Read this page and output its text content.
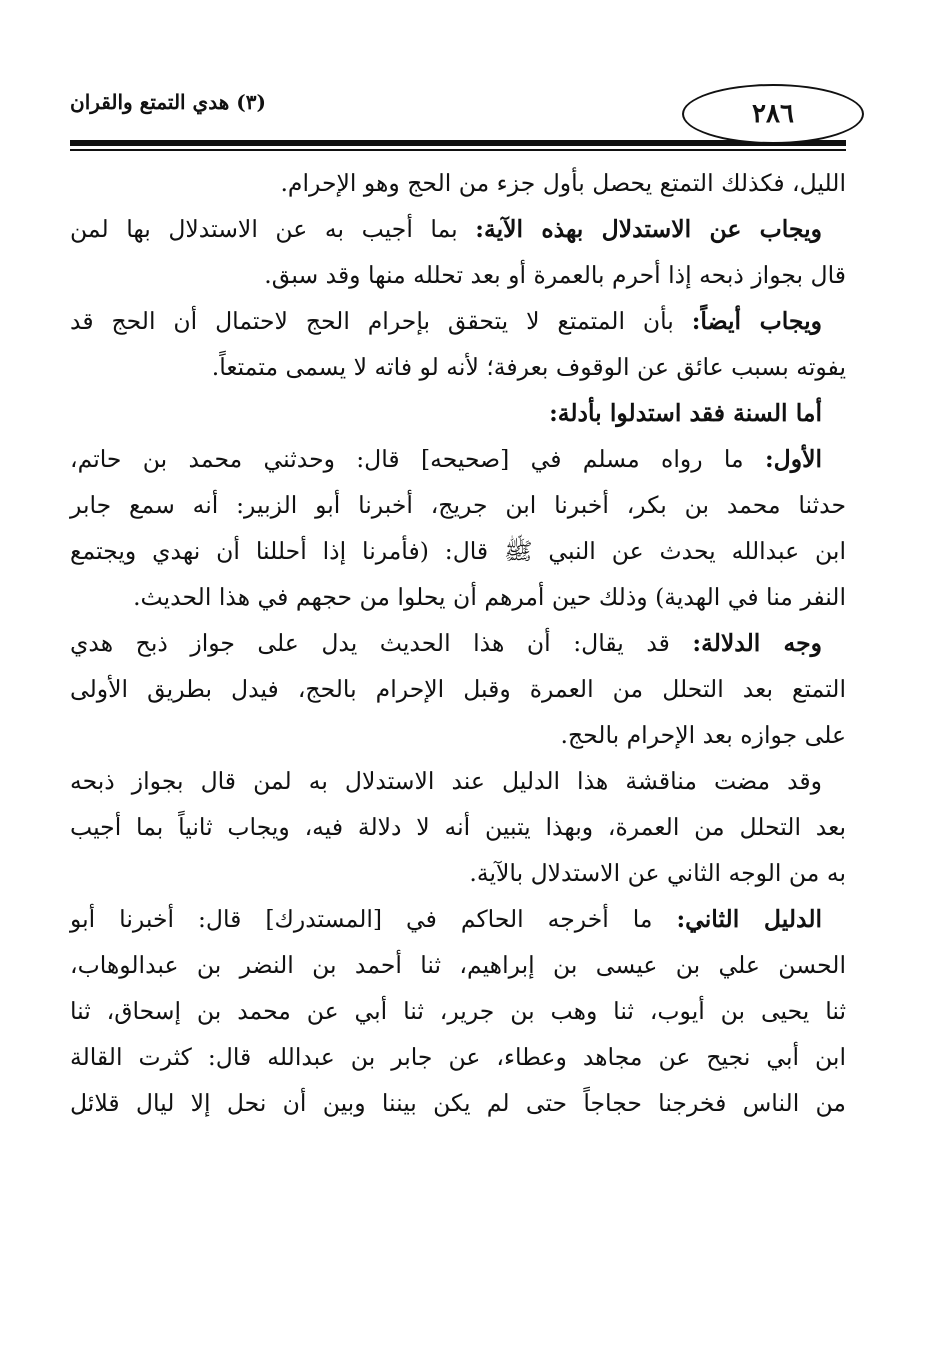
٢٨٦
(٣) هدي التمتع والقران
الليل، فكذلك التمتع يحصل بأول جزء من الحج وهو الإحرام.
ويجاب عن الاستدلال بهذه الآية: بما أجيب به عن الاستدلال بها لمن
قال بجواز ذبحه إذا أحرم بالعمرة أو بعد تحلله منها وقد سبق.
ويجاب أيضاً: بأن المتمتع لا يتحقق بإحرام الحج لاحتمال أن الحج قد
يفوته بسبب عائق عن الوقوف بعرفة؛ لأنه لو فاته لا يسمى متمتعاً.
أما السنة فقد استدلوا بأدلة:
الأول: ما رواه مسلم في [صحيحه] قال: وحدثني محمد بن حاتم،
حدثنا محمد بن بكر، أخبرنا ابن جريج، أخبرنا أبو الزبير: أنه سمع جابر
ابن عبدالله يحدث عن النبي ﷺ قال: (فأمرنا إذا أحللنا أن نهدي ويجتمع
النفر منا في الهدية) وذلك حين أمرهم أن يحلوا من حجهم في هذا الحديث.
وجه الدلالة: قد يقال: أن هذا الحديث يدل على جواز ذبح هدي
التمتع بعد التحلل من العمرة وقبل الإحرام بالحج، فيدل بطريق الأولى
على جوازه بعد الإحرام بالحج.
وقد مضت مناقشة هذا الدليل عند الاستدلال به لمن قال بجواز ذبحه
بعد التحلل من العمرة، وبهذا يتبين أنه لا دلالة فيه، ويجاب ثانياً بما أجيب
به من الوجه الثاني عن الاستدلال بالآية.
الدليل الثاني: ما أخرجه الحاكم في [المستدرك] قال: أخبرنا أبو
الحسن علي بن عيسى بن إبراهيم، ثنا أحمد بن النضر بن عبدالوهاب،
ثنا يحيى بن أيوب، ثنا وهب بن جرير، ثنا أبي عن محمد بن إسحاق، ثنا
ابن أبي نجيح عن مجاهد وعطاء، عن جابر بن عبدالله قال: كثرت القالة
من الناس فخرجنا حجاجاً حتى لم يكن بيننا وبين أن نحل إلا ليال قلائل
